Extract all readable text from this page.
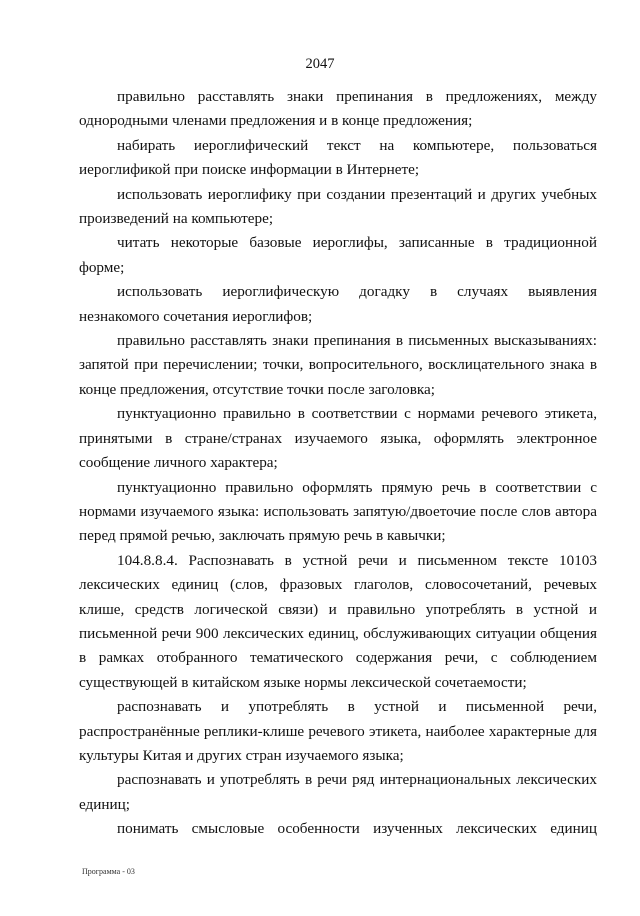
2047

правильно расставлять знаки препинания в предложениях, между однородными членами предложения и в конце предложения;

набирать иероглифический текст на компьютере, пользоваться иероглификой при поиске информации в Интернете;

использовать иероглифику при создании презентаций и других учебных произведений на компьютере;

читать некоторые базовые иероглифы, записанные в традиционной форме;

использовать иероглифическую догадку в случаях выявления незнакомого сочетания иероглифов;

правильно расставлять знаки препинания в письменных высказываниях: запятой при перечислении; точки, вопросительного, восклицательного знака в конце предложения, отсутствие точки после заголовка;

пунктуационно правильно в соответствии с нормами речевого этикета, принятыми в стране/странах изучаемого языка, оформлять электронное сообщение личного характера;

пунктуационно правильно оформлять прямую речь в соответствии с нормами изучаемого языка: использовать запятую/двоеточие после слов автора перед прямой речью, заключать прямую речь в кавычки;

104.8.8.4. Распознавать в устной речи и письменном тексте 10103 лексических единиц (слов, фразовых глаголов, словосочетаний, речевых клише, средств логической связи) и правильно употреблять в устной и письменной речи 900 лексических единиц, обслуживающих ситуации общения в рамках отобранного тематического содержания речи, с соблюдением существующей в китайском языке нормы лексической сочетаемости;

распознавать и употреблять в устной и письменной речи, распространённые реплики-клише речевого этикета, наиболее характерные для культуры Китая и других стран изучаемого языка;

распознавать и употреблять в речи ряд интернациональных лексических единиц;

понимать смысловые особенности изученных лексических единиц

Программа - 03
